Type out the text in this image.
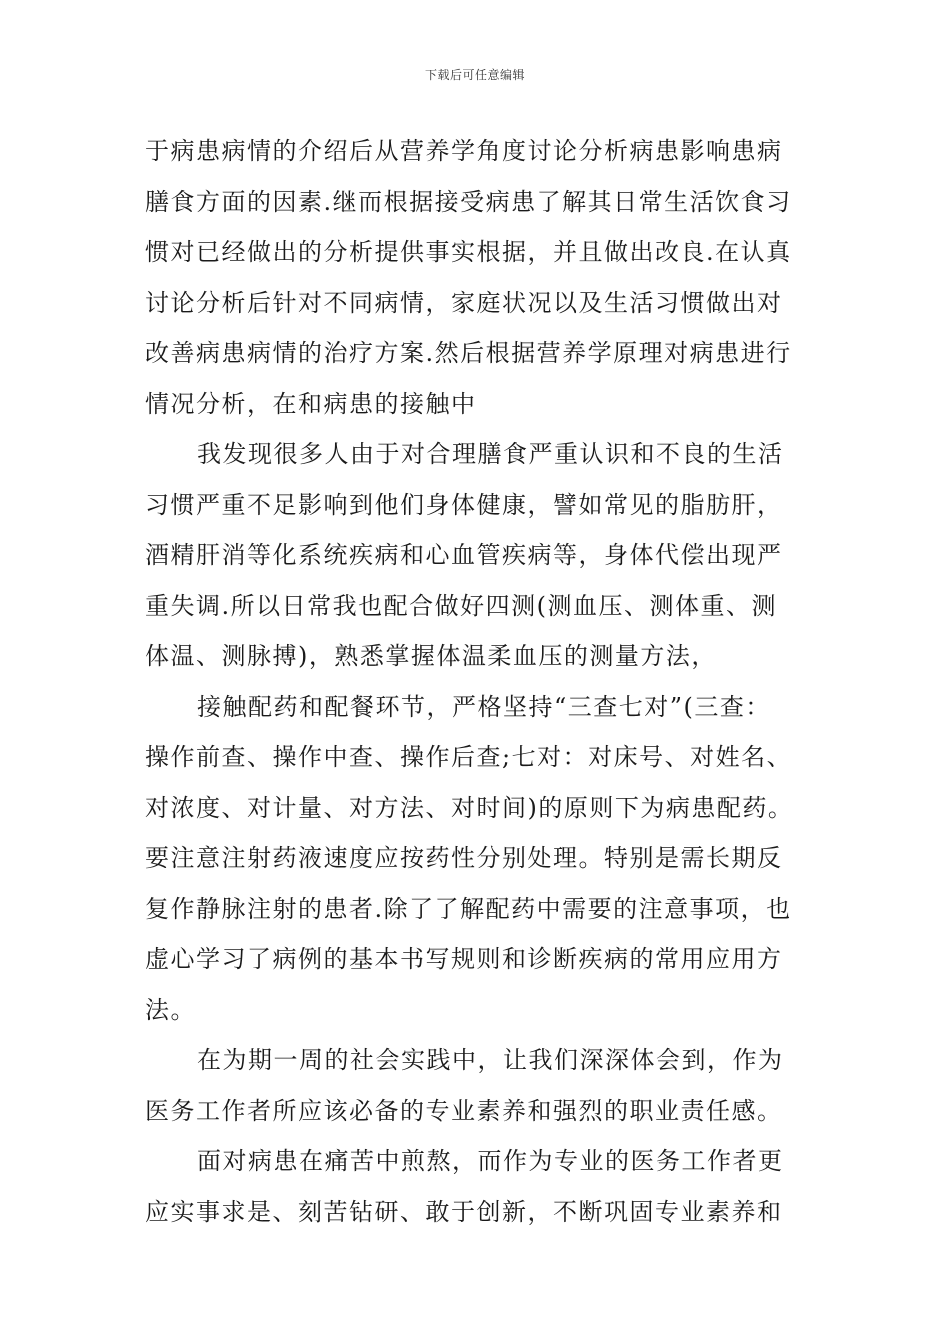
下载后可任意编辑
于病患病情的介绍后从营养学角度讨论分析病患影响患病
膳食方面的因素.继而根据接受病患了解其日常生活饮食习
惯对已经做出的分析提供事实根据，并且做出改良.在认真
讨论分析后针对不同病情，家庭状况以及生活习惯做出对
改善病患病情的治疗方案.然后根据营养学原理对病患进行
情况分析，在和病患的接触中
我发现很多人由于对合理膳食严重认识和不良的生活
习惯严重不足影响到他们身体健康，譬如常见的脂肪肝，
酒精肝消等化系统疾病和心血管疾病等，身体代偿出现严
重失调.所以日常我也配合做好四测(测血压、测体重、测
体温、测脉搏)，熟悉掌握体温柔血压的测量方法，
接触配药和配餐环节，严格坚持“三查七对”(三查：
操作前查、操作中查、操作后查;七对：对床号、对姓名、
对浓度、对计量、对方法、对时间)的原则下为病患配药。
要注意注射药液速度应按药性分别处理。特别是需长期反
复作静脉注射的患者.除了了解配药中需要的注意事项，也
虚心学习了病例的基本书写规则和诊断疾病的常用应用方
法。
在为期一周的社会实践中，让我们深深体会到，作为
医务工作者所应该必备的专业素养和强烈的职业责任感。
面对病患在痛苦中煎熬，而作为专业的医务工作者更
应实事求是、刻苦钻研、敢于创新，不断巩固专业素养和
